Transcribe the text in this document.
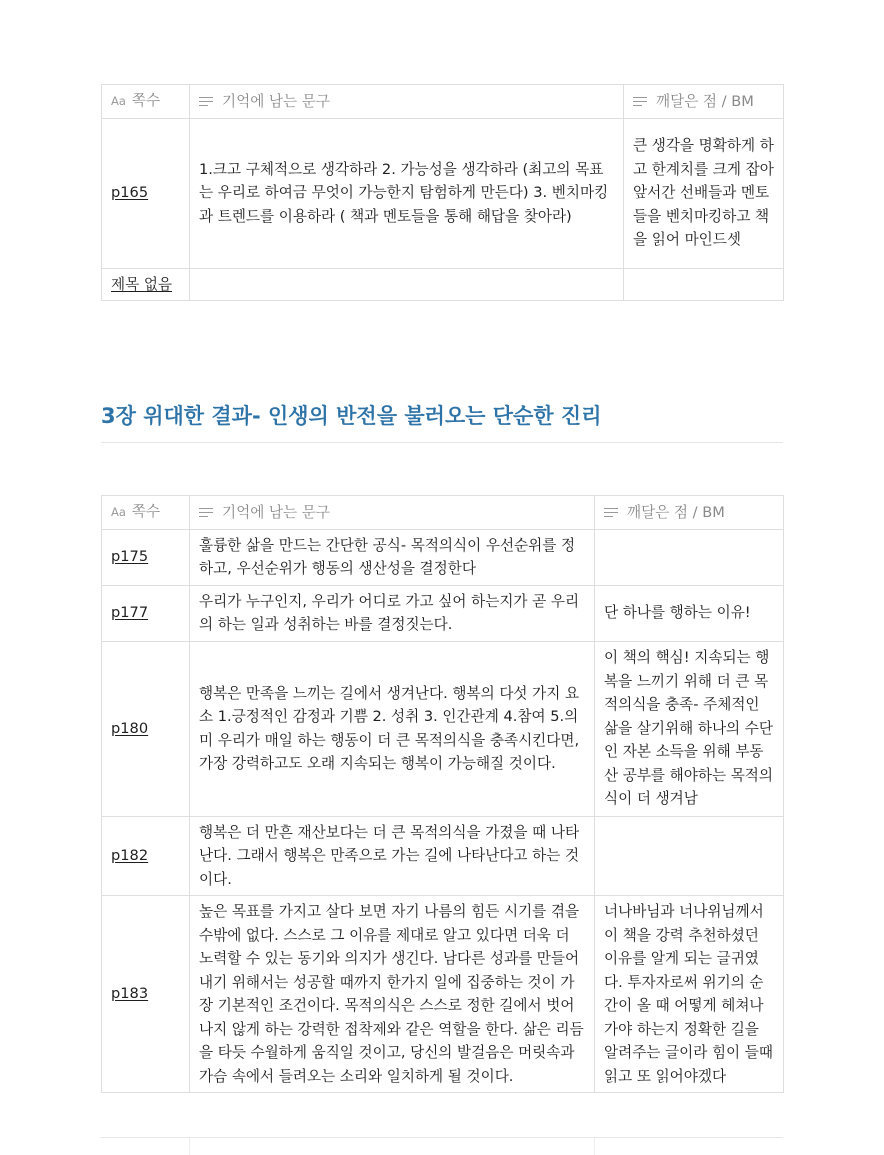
Aa 쪽수	기억에 남는 문구	깨달은 점 / BM
p165	1.크고 구체적으로 생각하라 2. 가능성을 생각하라 (최고의 목표는 우리로 하여금 무엇이 가능한지 탐험하게 만든다) 3. 벤치마킹과 트렌드를 이용하라 ( 책과 멘토들을 통해 해답을 찾아라)	큰 생각을 명확하게 하고 한계치를 크게 잡아 앞서간 선배들과 멘토들을 벤치마킹하고 책을 읽어 마인드셋
제목 없음		
3장 위대한 결과- 인생의 반전을 불러오는 단순한 진리
Aa 쪽수	기억에 남는 문구	깨달은 점 / BM
p175	훌륭한 삶을 만드는 간단한 공식- 목적의식이 우선순위를 정하고, 우선순위가 행동의 생산성을 결정한다	
p177	우리가 누구인지, 우리가 어디로 가고 싶어 하는지가 곧 우리의 하는 일과 성취하는 바를 결정짓는다.	단 하나를 행하는 이유!
p180	행복은 만족을 느끼는 길에서 생겨난다. 행복의 다섯 가지 요소 1.긍정적인 감정과 기쁨 2. 성취 3. 인간관계 4.참여 5.의미 우리가 매일 하는 행동이 더 큰 목적의식을 충족시킨다면, 가장 강력하고도 오래 지속되는 행복이 가능해질 것이다.	이 책의 핵심! 지속되는 행복을 느끼기 위해 더 큰 목적의식을 충족- 주체적인 삶을 살기위해 하나의 수단인 자본 소득을 위해 부동산 공부를 해야하는 목적의식이 더 생겨남
p182	행복은 더 만흔 재산보다는 더 큰 목적의식을 가졌을 때 나타난다. 그래서 행복은 만족으로 가는 길에 나타난다고 하는 것이다.	
p183	높은 목표를 가지고 살다 보면 자기 나름의 힘든 시기를 겪을 수밖에 없다. 스스로 그 이유를 제대로 알고 있다면 더욱 더 노력할 수 있는 동기와 의지가 생긴다. 남다른 성과를 만들어 내기 위해서는 성공할 때까지 한가지 일에 집중하는 것이 가장 기본적인 조건이다. 목적의식은 스스로 정한 길에서 벗어나지 않게 하는 강력한 접착제와 같은 역할을 한다. 삶은 리듬을 타듯 수월하게 움직일 것이고, 당신의 발걸음은 머릿속과 가슴 속에서 들려오는 소리와 일치하게 될 것이다.	너나바님과 너나위님께서 이 책을 강력 추천하셨던 이유를 알게 되는 글귀였다. 투자자로써 위기의 순간이 올 때 어떻게 헤쳐나가야 하는지 정확한 길을 알려주는 글이라 힘이 들때 읽고 또 읽어야겠다
